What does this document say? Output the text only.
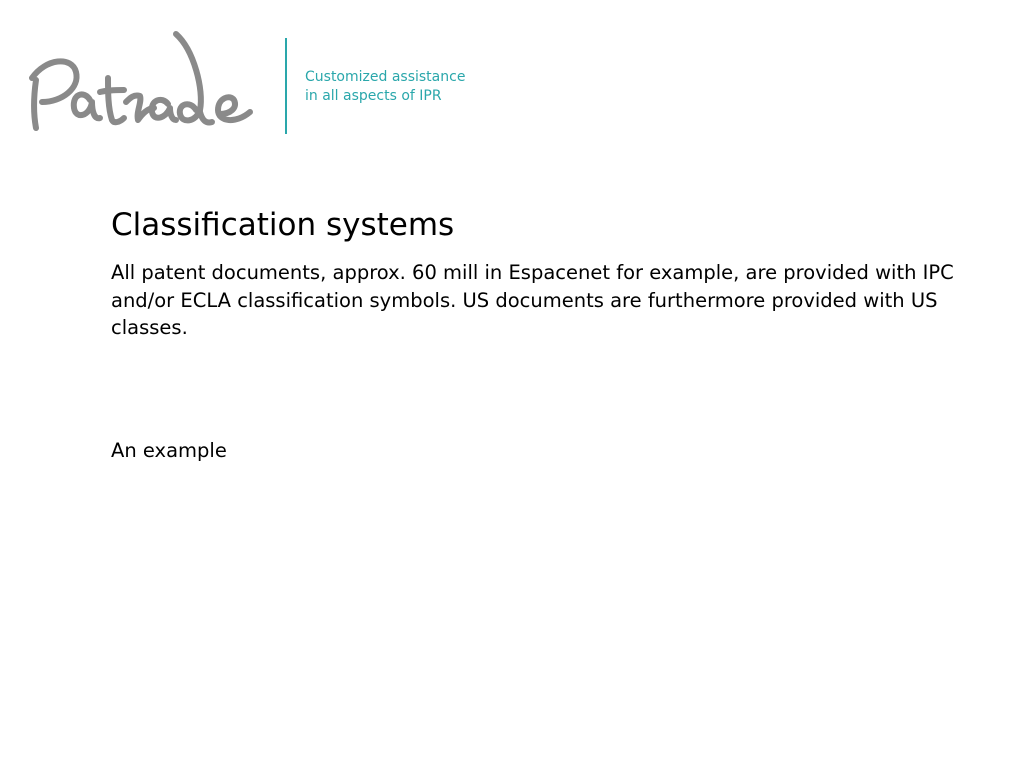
Customized assistance
in all aspects of IPR
Classification systems

All patent documents, approx. 60 mill in Espacenet for example, are provided with IPC and/or ECLA classification symbols. US documents are furthermore provided with US classes.

An example
